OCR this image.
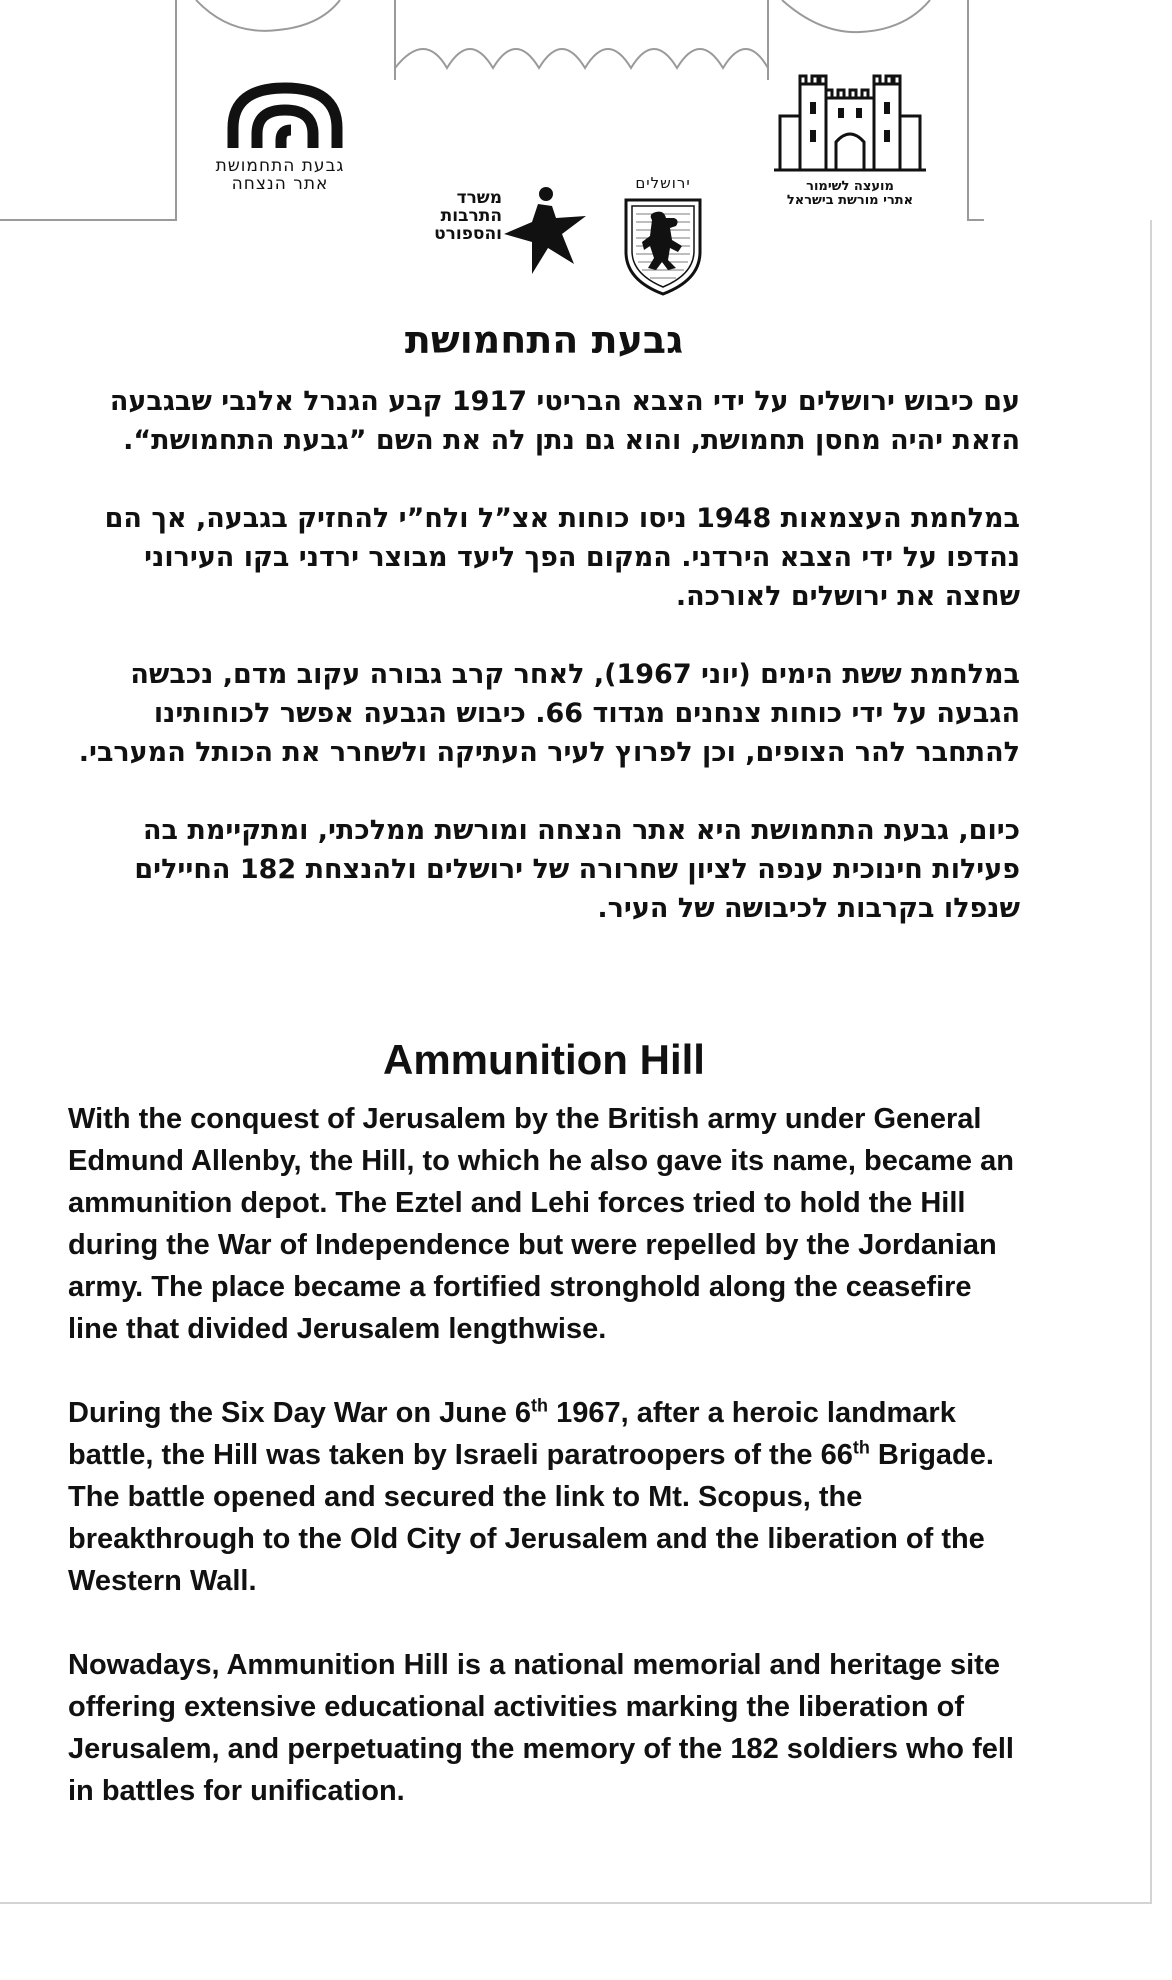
גבעת התחמושת
אתר הנצחה	מועצה לשימור
אתרי מורשת בישראל
ירושלים
משרד
התרבות
והספורט
גבעת התחמושת

עם כיבוש ירושלים על ידי הצבא הבריטי 1917 קבע הגנרל אלנבי שבגבעה הזאת יהיה מחסן תחמושת, והוא גם נתן לה את השם ”גבעת התחמושת“.

במלחמת העצמאות 1948 ניסו כוחות אצ”ל ולח”י להחזיק בגבעה, אך הם נהדפו על ידי הצבא הירדני. המקום הפך ליעד מבוצר ירדני בקו העירוני שחצה את ירושלים לאורכה.

במלחמת ששת הימים (יוני 1967), לאחר קרב גבורה עקוב מדם, נכבשה הגבעה על ידי כוחות צנחנים מגדוד 66. כיבוש הגבעה אפשר לכוחותינו להתחבר להר הצופים, וכן לפרוץ לעיר העתיקה ולשחרר את הכותל המערבי.

כיום, גבעת התחמושת היא אתר הנצחה ומורשת ממלכתי, ומתקיימת בה פעילות חינוכית ענפה לציון שחרורה של ירושלים ולהנצחת 182 החיילים שנפלו בקרבות לכיבושה של העיר.

Ammunition Hill

With the conquest of Jerusalem by the British army under General Edmund Allenby, the Hill, to which he also gave its name, became an ammunition depot. The Eztel and Lehi forces tried to hold the Hill during the War of Independence but were repelled by the Jordanian army. The place became a fortified stronghold along the ceasefire line that divided Jerusalem lengthwise.

During the Six Day War on June 6th 1967, after a heroic landmark battle, the Hill was taken by Israeli paratroopers of the 66th Brigade. The battle opened and secured the link to Mt. Scopus, the breakthrough to the Old City of Jerusalem and the liberation of the Western Wall.

Nowadays, Ammunition Hill is a national memorial and heritage site offering extensive educational activities marking the liberation of Jerusalem, and perpetuating the memory of the 182 soldiers who fell in battles for unification.
